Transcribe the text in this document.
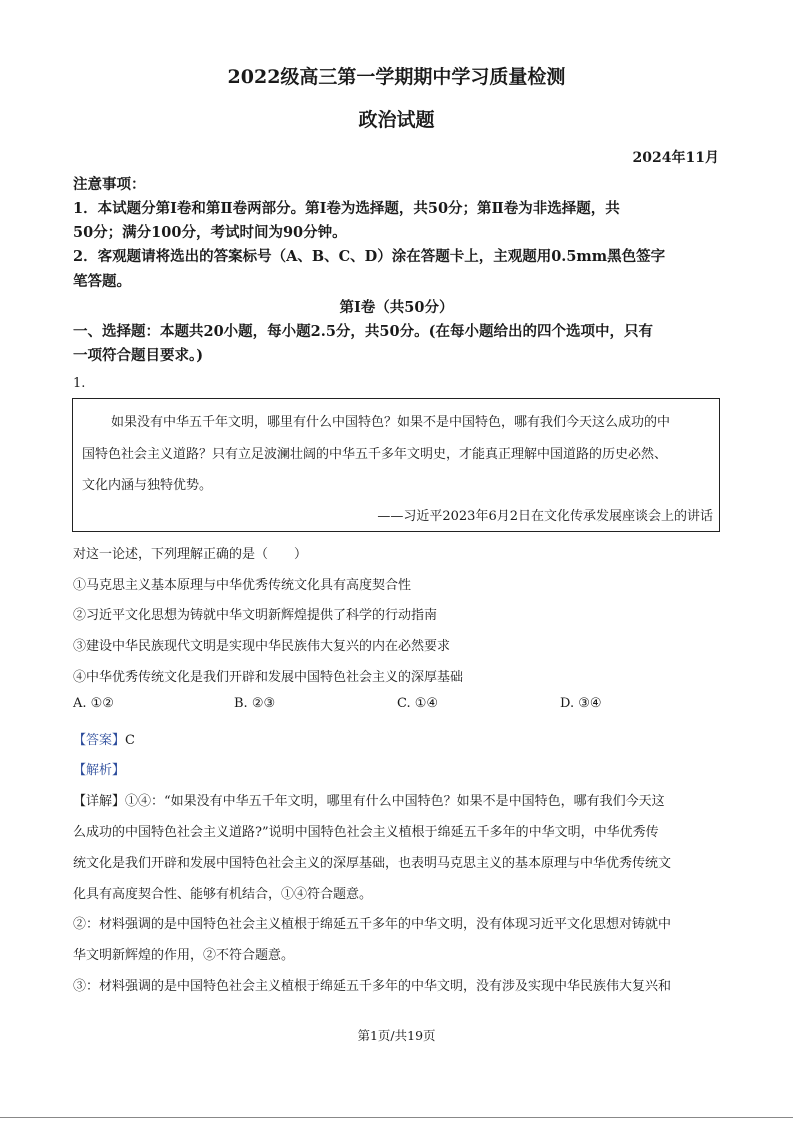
2022级高三第一学期期中学习质量检测
政治试题
2024年11月
注意事项：
1．本试题分第Ⅰ卷和第Ⅱ卷两部分。第Ⅰ卷为选择题，共50分；第Ⅱ卷为非选择题，共
50分；满分100分，考试时间为90分钟。
2．客观题请将选出的答案标号（A、B、C、D）涂在答题卡上，主观题用0.5mm黑色签字
笔答题。
第Ⅰ卷（共50分）
一、选择题：本题共20小题，每小题2.5分，共50分。(在每小题给出的四个选项中，只有
一项符合题目要求。)
1.
如果没有中华五千年文明，哪里有什么中国特色？如果不是中国特色，哪有我们今天这么成功的中
国特色社会主义道路？只有立足波澜壮阔的中华五千多年文明史，才能真正理解中国道路的历史必然、
文化内涵与独特优势。
——习近平2023年6月2日在文化传承发展座谈会上的讲话
对这一论述，下列理解正确的是（　　）
①马克思主义基本原理与中华优秀传统文化具有高度契合性
②习近平文化思想为铸就中华文明新辉煌提供了科学的行动指南
③建设中华民族现代文明是实现中华民族伟大复兴的内在必然要求
④中华优秀传统文化是我们开辟和发展中国特色社会主义的深厚基础
A. ①②	B. ②③	C. ①④	D. ③④
【答案】C
【解析】
【详解】①④：“如果没有中华五千年文明，哪里有什么中国特色？如果不是中国特色，哪有我们今天这
么成功的中国特色社会主义道路?”说明中国特色社会主义植根于绵延五千多年的中华文明，中华优秀传
统文化是我们开辟和发展中国特色社会主义的深厚基础，也表明马克思主义的基本原理与中华优秀传统文
化具有高度契合性、能够有机结合，①④符合题意。
②：材料强调的是中国特色社会主义植根于绵延五千多年的中华文明，没有体现习近平文化思想对铸就中
华文明新辉煌的作用，②不符合题意。
③：材料强调的是中国特色社会主义植根于绵延五千多年的中华文明，没有涉及实现中华民族伟大复兴和
第1页/共19页
